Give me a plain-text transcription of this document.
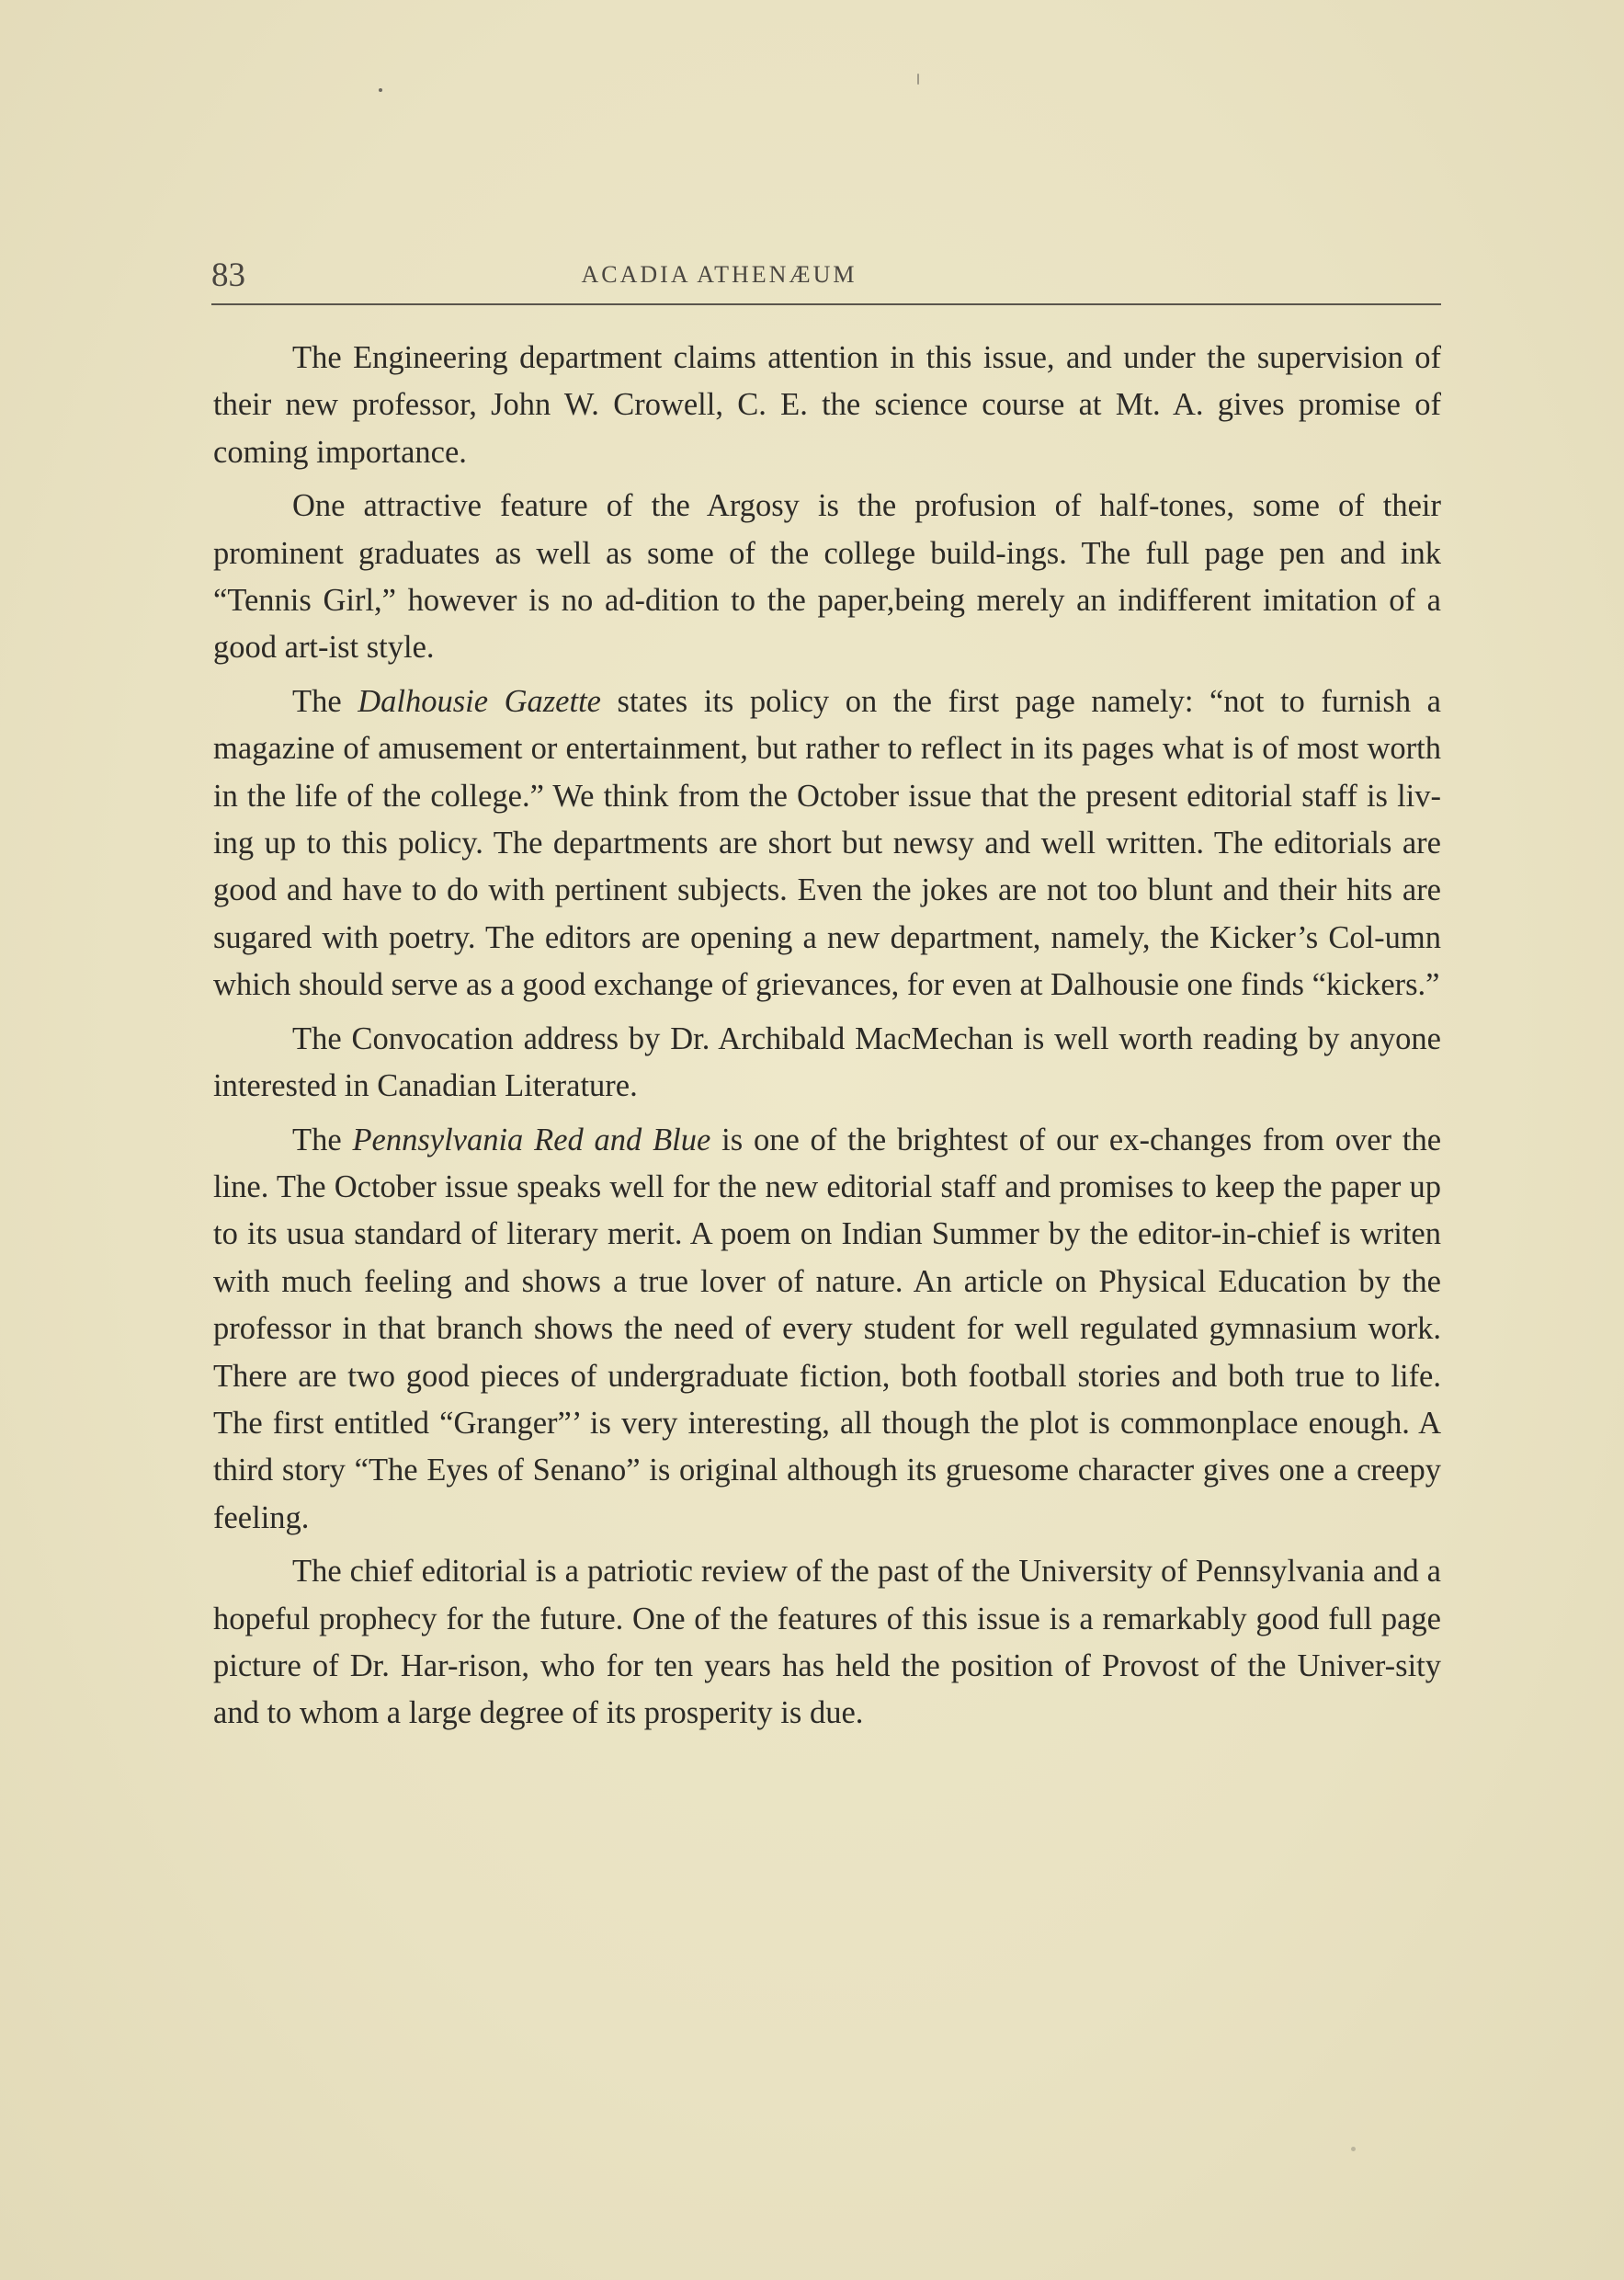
83	ACADIA ATHENÆUM

The Engineering department claims attention in this issue, and under the supervision of their new professor, John W. Crowell, C. E. the science course at Mt. A. gives promise of coming importance.

One attractive feature of the Argosy is the profusion of half-tones, some of their prominent graduates as well as some of the college build-ings. The full page pen and ink “Tennis Girl,” however is no ad-dition to the paper,being merely an indifferent imitation of a good art-ist style.

The Dalhousie Gazette states its policy on the first page namely: “not to furnish a magazine of amusement or entertainment, but rather to reflect in its pages what is of most worth in the life of the college.” We think from the October issue that the present editorial staff is liv-ing up to this policy. The departments are short but newsy and well written. The editorials are good and have to do with pertinent subjects. Even the jokes are not too blunt and their hits are sugared with poetry. The editors are opening a new department, namely, the Kicker’s Col-umn which should serve as a good exchange of grievances, for even at Dalhousie one finds “kickers.”

The Convocation address by Dr. Archibald MacMechan is well worth reading by anyone interested in Canadian Literature.

The Pennsylvania Red and Blue is one of the brightest of our ex-changes from over the line. The October issue speaks well for the new editorial staff and promises to keep the paper up to its usua standard of literary merit. A poem on Indian Summer by the editor-in-chief is writen with much feeling and shows a true lover of nature. An article on Physical Education by the professor in that branch shows the need of every student for well regulated gymnasium work. There are two good pieces of undergraduate fiction, both football stories and both true to life. The first entitled “Granger”’ is very interesting, all though the plot is commonplace enough. A third story “The Eyes of Senano” is original although its gruesome character gives one a creepy feeling.

The chief editorial is a patriotic review of the past of the University of Pennsylvania and a hopeful prophecy for the future. One of the features of this issue is a remarkably good full page picture of Dr. Har-rison, who for ten years has held the position of Provost of the Univer-sity and to whom a large degree of its prosperity is due.
